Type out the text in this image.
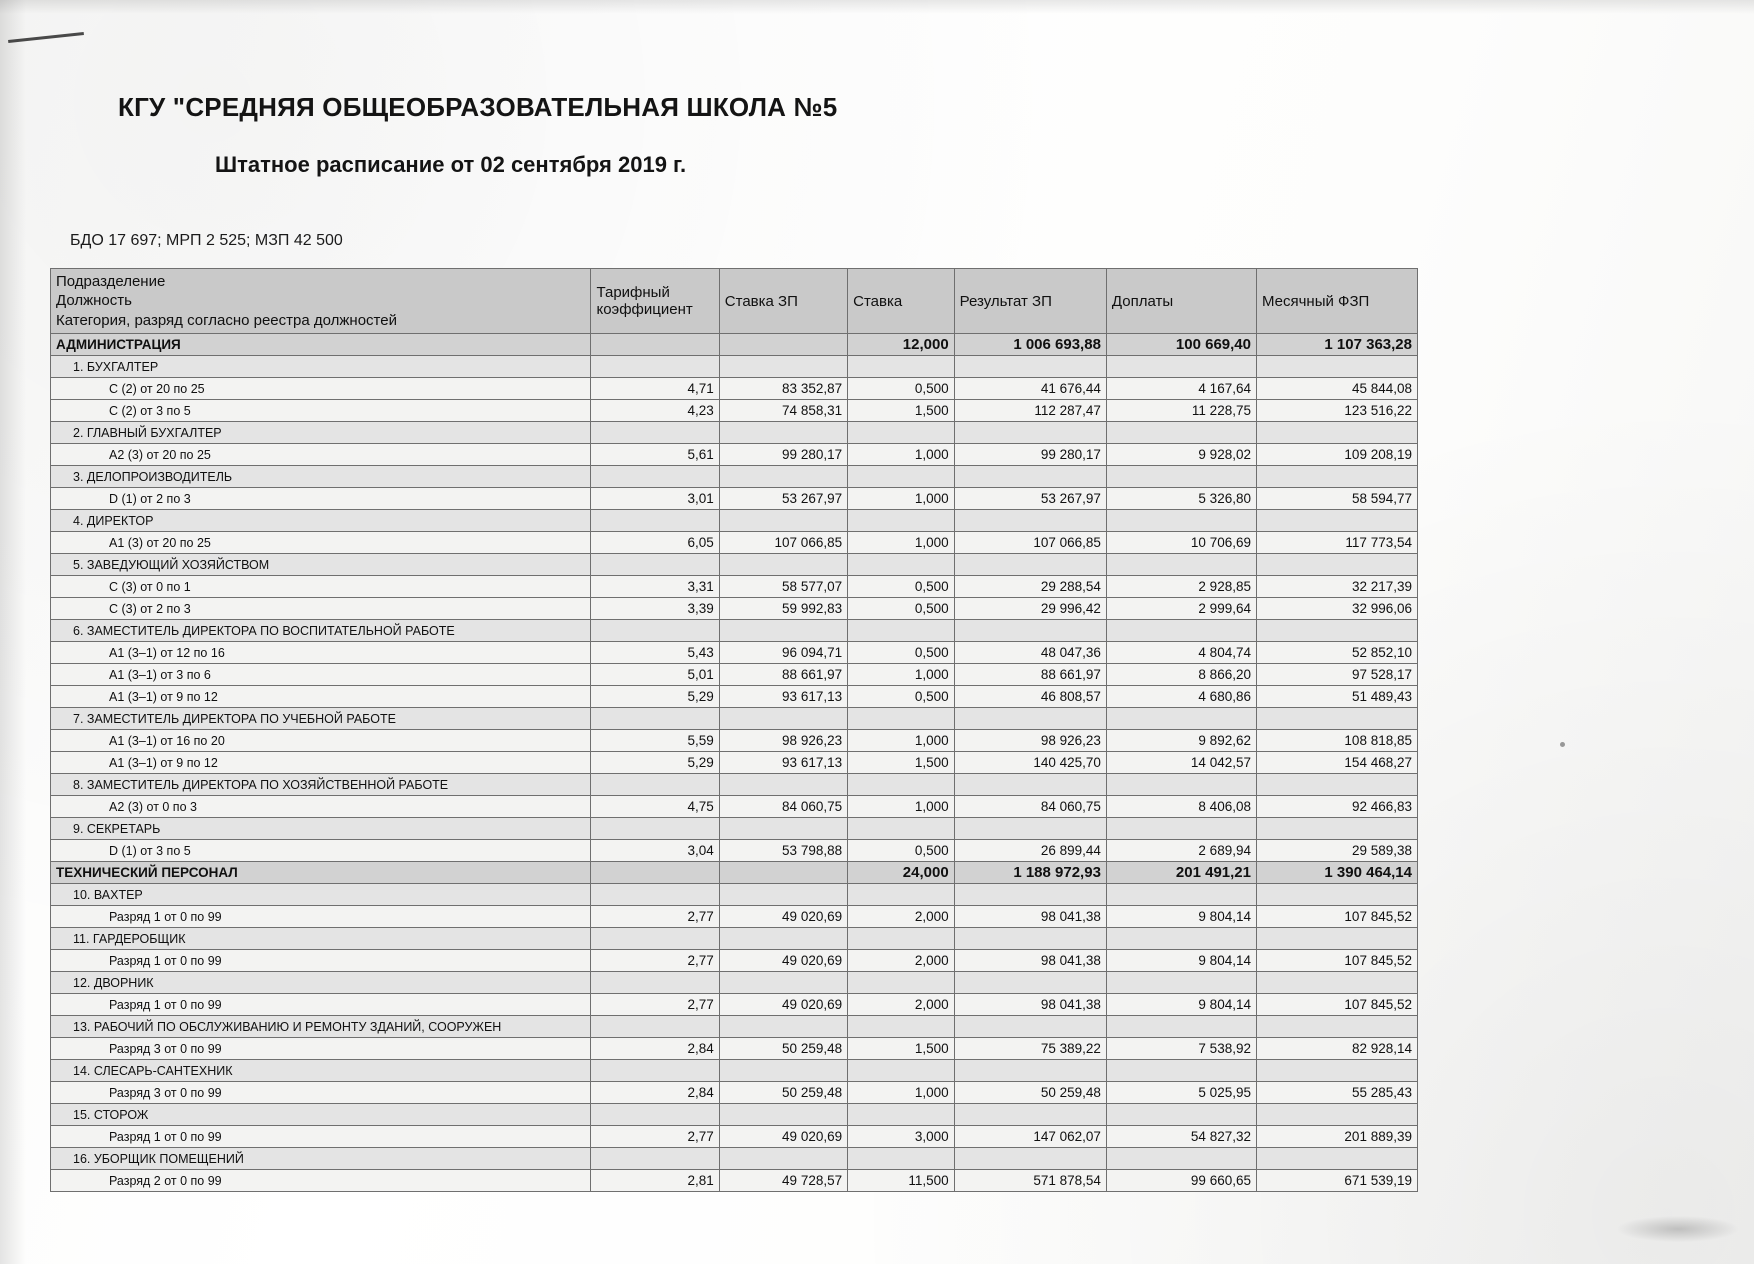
КГУ "СРЕДНЯЯ ОБЩЕОБРАЗОВАТЕЛЬНАЯ ШКОЛА №5
Штатное расписание от 02 сентября 2019 г.
БДО 17 697; МРП 2 525; МЗП 42 500
Подразделение
Должность
Категория, разряд согласно реестра должностей	Тарифный коэффициент	Ставка ЗП	Ставка	Результат ЗП	Доплаты	Месячный ФЗП
АДМИНИСТРАЦИЯ			12,000	1 006 693,88	100 669,40	1 107 363,28
1. БУХГАЛТЕР						
C (2) от 20 по 25	4,71	83 352,87	0,500	41 676,44	4 167,64	45 844,08
C (2) от 3 по 5	4,23	74 858,31	1,500	112 287,47	11 228,75	123 516,22
2. ГЛАВНЫЙ БУХГАЛТЕР						
A2 (3) от 20 по 25	5,61	99 280,17	1,000	99 280,17	9 928,02	109 208,19
3. ДЕЛОПРОИЗВОДИТЕЛЬ						
D (1) от 2 по 3	3,01	53 267,97	1,000	53 267,97	5 326,80	58 594,77
4. ДИРЕКТОР						
A1 (3) от 20 по 25	6,05	107 066,85	1,000	107 066,85	10 706,69	117 773,54
5. ЗАВЕДУЮЩИЙ ХОЗЯЙСТВОМ						
C (3) от 0 по 1	3,31	58 577,07	0,500	29 288,54	2 928,85	32 217,39
C (3) от 2 по 3	3,39	59 992,83	0,500	29 996,42	2 999,64	32 996,06
6. ЗАМЕСТИТЕЛЬ ДИРЕКТОРА ПО ВОСПИТАТЕЛЬНОЙ РАБОТЕ						
A1 (3–1) от 12 по 16	5,43	96 094,71	0,500	48 047,36	4 804,74	52 852,10
A1 (3–1) от 3 по 6	5,01	88 661,97	1,000	88 661,97	8 866,20	97 528,17
A1 (3–1) от 9 по 12	5,29	93 617,13	0,500	46 808,57	4 680,86	51 489,43
7. ЗАМЕСТИТЕЛЬ ДИРЕКТОРА ПО УЧЕБНОЙ РАБОТЕ						
A1 (3–1) от 16 по 20	5,59	98 926,23	1,000	98 926,23	9 892,62	108 818,85
A1 (3–1) от 9 по 12	5,29	93 617,13	1,500	140 425,70	14 042,57	154 468,27
8. ЗАМЕСТИТЕЛЬ ДИРЕКТОРА ПО ХОЗЯЙСТВЕННОЙ РАБОТЕ						
A2 (3) от 0 по 3	4,75	84 060,75	1,000	84 060,75	8 406,08	92 466,83
9. СЕКРЕТАРЬ						
D (1) от 3 по 5	3,04	53 798,88	0,500	26 899,44	2 689,94	29 589,38
ТЕХНИЧЕСКИЙ ПЕРСОНАЛ			24,000	1 188 972,93	201 491,21	1 390 464,14
10. ВАХТЕР						
Разряд 1 от 0 по 99	2,77	49 020,69	2,000	98 041,38	9 804,14	107 845,52
11. ГАРДЕРОБЩИК						
Разряд 1 от 0 по 99	2,77	49 020,69	2,000	98 041,38	9 804,14	107 845,52
12. ДВОРНИК						
Разряд 1 от 0 по 99	2,77	49 020,69	2,000	98 041,38	9 804,14	107 845,52
13. РАБОЧИЙ ПО ОБСЛУЖИВАНИЮ И РЕМОНТУ ЗДАНИЙ, СООРУЖЕН						
Разряд 3 от 0 по 99	2,84	50 259,48	1,500	75 389,22	7 538,92	82 928,14
14. СЛЕСАРЬ-САНТЕХНИК						
Разряд 3 от 0 по 99	2,84	50 259,48	1,000	50 259,48	5 025,95	55 285,43
15. СТОРОЖ						
Разряд 1 от 0 по 99	2,77	49 020,69	3,000	147 062,07	54 827,32	201 889,39
16. УБОРЩИК ПОМЕЩЕНИЙ						
Разряд 2 от 0 по 99	2,81	49 728,57	11,500	571 878,54	99 660,65	671 539,19
